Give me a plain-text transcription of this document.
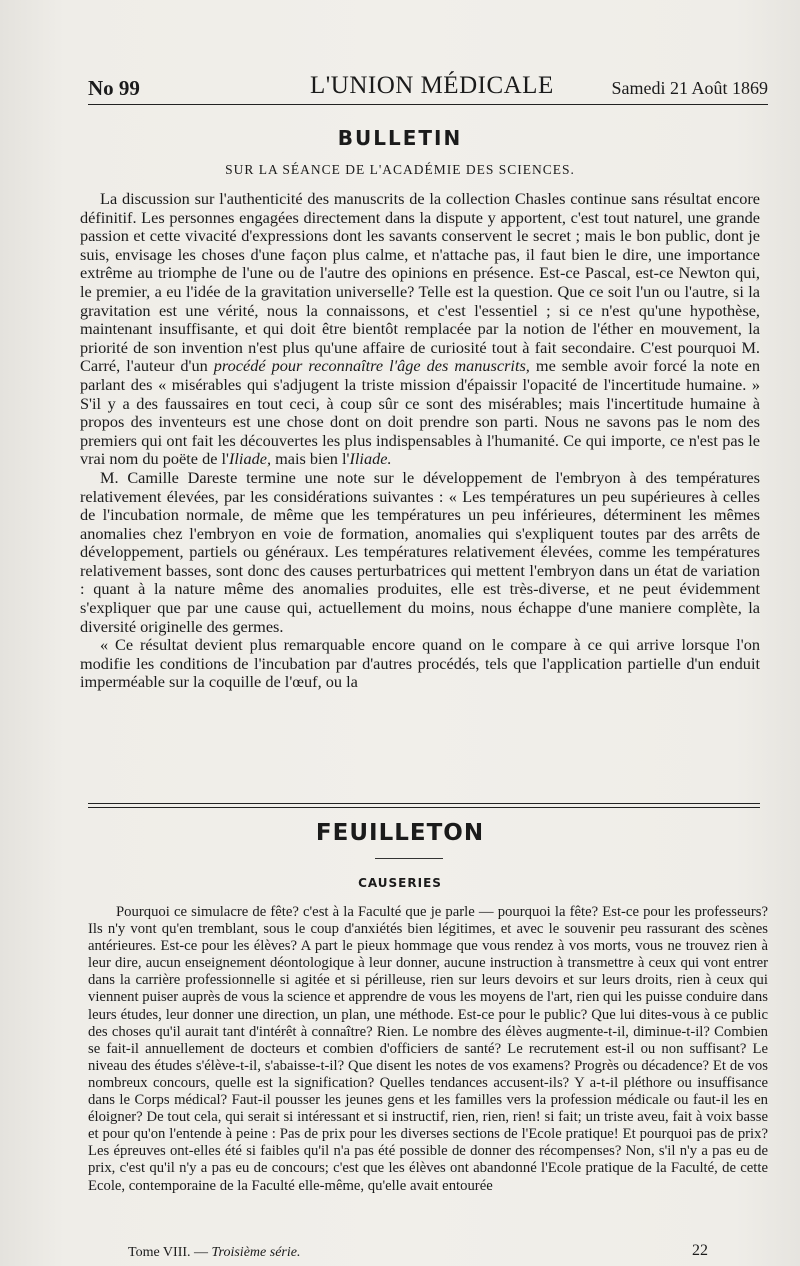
No 99	L'UNION MÉDICALE	Samedi 21 Août 1869
BULLETIN
SUR LA SÉANCE DE L'ACADÉMIE DES SCIENCES.

La discussion sur l'authenticité des manuscrits de la collection Chasles continue sans résultat encore définitif. Les personnes engagées directement dans la dispute y apportent, c'est tout naturel, une grande passion et cette vivacité d'expressions dont les savants conservent le secret ; mais le bon public, dont je suis, envisage les choses d'une façon plus calme, et n'attache pas, il faut bien le dire, une importance extrême au triomphe de l'une ou de l'autre des opinions en présence. Est-ce Pascal, est-ce Newton qui, le premier, a eu l'idée de la gravitation universelle? Telle est la question. Que ce soit l'un ou l'autre, si la gravitation est une vérité, nous la connaissons, et c'est l'essentiel ; si ce n'est qu'une hypothèse, maintenant insuffisante, et qui doit être bientôt remplacée par la notion de l'éther en mouvement, la priorité de son invention n'est plus qu'une affaire de curiosité tout à fait secondaire. C'est pourquoi M. Carré, l'auteur d'un procédé pour reconnaître l'âge des manuscrits, me semble avoir forcé la note en parlant des « misérables qui s'adjugent la triste mission d'épaissir l'opacité de l'incertitude humaine. » S'il y a des faussaires en tout ceci, à coup sûr ce sont des misérables; mais l'incertitude humaine à propos des inventeurs est une chose dont on doit prendre son parti. Nous ne savons pas le nom des premiers qui ont fait les découvertes les plus indispensables à l'humanité. Ce qui importe, ce n'est pas le vrai nom du poëte de l'Iliade, mais bien l'Iliade.

M. Camille Dareste termine une note sur le développement de l'embryon à des températures relativement élevées, par les considérations suivantes : « Les températures un peu supérieures à celles de l'incubation normale, de même que les températures un peu inférieures, déterminent les mêmes anomalies chez l'embryon en voie de formation, anomalies qui s'expliquent toutes par des arrêts de développement, partiels ou généraux. Les températures relativement élevées, comme les températures relativement basses, sont donc des causes perturbatrices qui mettent l'embryon dans un état de variation : quant à la nature même des anomalies produites, elle est très-diverse, et ne peut évidemment s'expliquer que par une cause qui, actuellement du moins, nous échappe d'une maniere complète, la diversité originelle des germes.

« Ce résultat devient plus remarquable encore quand on le compare à ce qui arrive lorsque l'on modifie les conditions de l'incubation par d'autres procédés, tels que l'application partielle d'un enduit imperméable sur la coquille de l'œuf, ou la

FEUILLETON
CAUSERIES

Pourquoi ce simulacre de fête? c'est à la Faculté que je parle — pourquoi la fête? Est-ce pour les professeurs? Ils n'y vont qu'en tremblant, sous le coup d'anxiétés bien légitimes, et avec le souvenir peu rassurant des scènes antérieures. Est-ce pour les élèves? A part le pieux hommage que vous rendez à vos morts, vous ne trouvez rien à leur dire, aucun enseignement déontologique à leur donner, aucune instruction à transmettre à ceux qui vont entrer dans la carrière professionnelle si agitée et si périlleuse, rien sur leurs devoirs et sur leurs droits, rien à ceux qui viennent puiser auprès de vous la science et apprendre de vous les moyens de l'art, rien qui les puisse conduire dans leurs études, leur donner une direction, un plan, une méthode. Est-ce pour le public? Que lui dites-vous à ce public des choses qu'il aurait tant d'intérêt à connaître? Rien. Le nombre des élèves augmente-t-il, diminue-t-il? Combien se fait-il annuellement de docteurs et combien d'officiers de santé? Le recrutement est-il ou non suffisant? Le niveau des études s'élève-t-il, s'abaisse-t-il? Que disent les notes de vos examens? Progrès ou décadence? Et de vos nombreux concours, quelle est la signification? Quelles tendances accusent-ils? Y a-t-il pléthore ou insuffisance dans le Corps médical? Faut-il pousser les jeunes gens et les familles vers la profession médicale ou faut-il les en éloigner? De tout cela, qui serait si intéressant et si instructif, rien, rien, rien! si fait; un triste aveu, fait à voix basse et pour qu'on l'entende à peine : Pas de prix pour les diverses sections de l'Ecole pratique! Et pourquoi pas de prix? Les épreuves ont-elles été si faibles qu'il n'a pas été possible de donner des récompenses? Non, s'il n'y a pas eu de prix, c'est qu'il n'y a pas eu de concours; c'est que les élèves ont abandonné l'Ecole pratique de la Faculté, de cette Ecole, contemporaine de la Faculté elle-même, qu'elle avait entourée

Tome VIII. — Troisième série.	22
